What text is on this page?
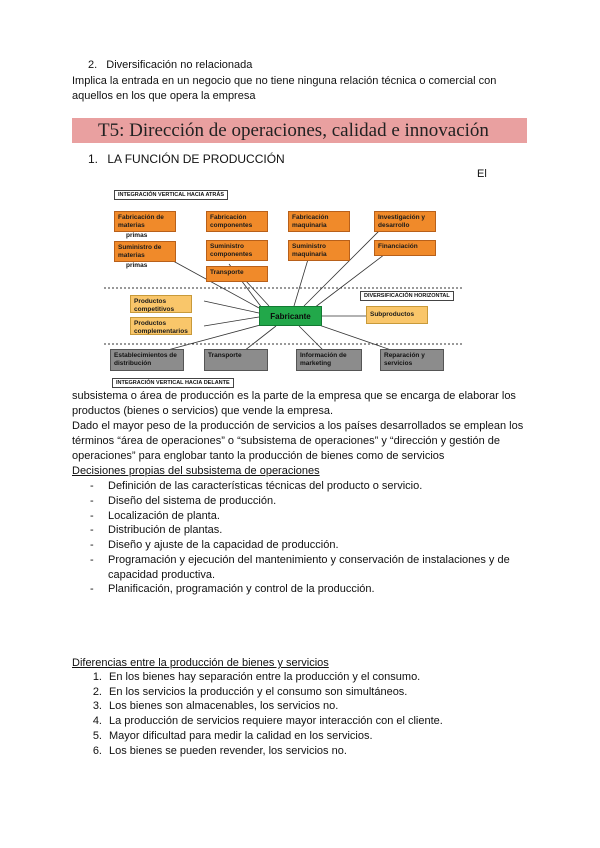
2. Diversificación no relacionada
Implica la entrada en un negocio que no tiene ninguna relación técnica o comercial con
aquellos en los que opera la empresa
T5: Dirección de operaciones, calidad e innovación
1. LA FUNCIÓN DE PRODUCCIÓN
El
INTEGRACIÓN VERTICAL HACIA ATRÁS
DIVERSIFICACIÓN HORIZONTAL
INTEGRACIÓN VERTICAL HACIA DELANTE
Fabricación de materias
primas
Suministro de materias
primas
Fabricación componentes
Suministro componentes
Transporte
Fabricación maquinaria
Suministro maquinaria
Investigación y desarrollo
Financiación
Productos competitivos
Productos complementarios
Fabricante	Subproductos
Establecimientos de distribución
Transporte	Información de marketing
Reparación y servicios
subsistema o área de producción es la parte de la empresa que se encarga de elaborar los
productos (bienes o servicios) que vende la empresa.
Dado el mayor peso de la producción de servicios a los países desarrollados se emplean los
términos “área de operaciones” o “subsistema de operaciones” y “dirección y gestión de
operaciones” para englobar tanto la producción de bienes como de servicios
Decisiones propias del subsistema de operaciones
- Definición de las características técnicas del producto o servicio.
- Diseño del sistema de producción.
- Localización de planta.
- Distribución de plantas.
- Diseño y ajuste de la capacidad de producción.
- Programación y ejecución del mantenimiento y conservación de instalaciones y de
capacidad productiva.
- Planificación, programación y control de la producción.
Diferencias entre la producción de bienes y servicios
1. En los bienes hay separación entre la producción y el consumo.
2. En los servicios la producción y el consumo son simultáneos.
3. Los bienes son almacenables, los servicios no.
4. La producción de servicios requiere mayor interacción con el cliente.
5. Mayor dificultad para medir la calidad en los servicios.
6. Los bienes se pueden revender, los servicios no.
